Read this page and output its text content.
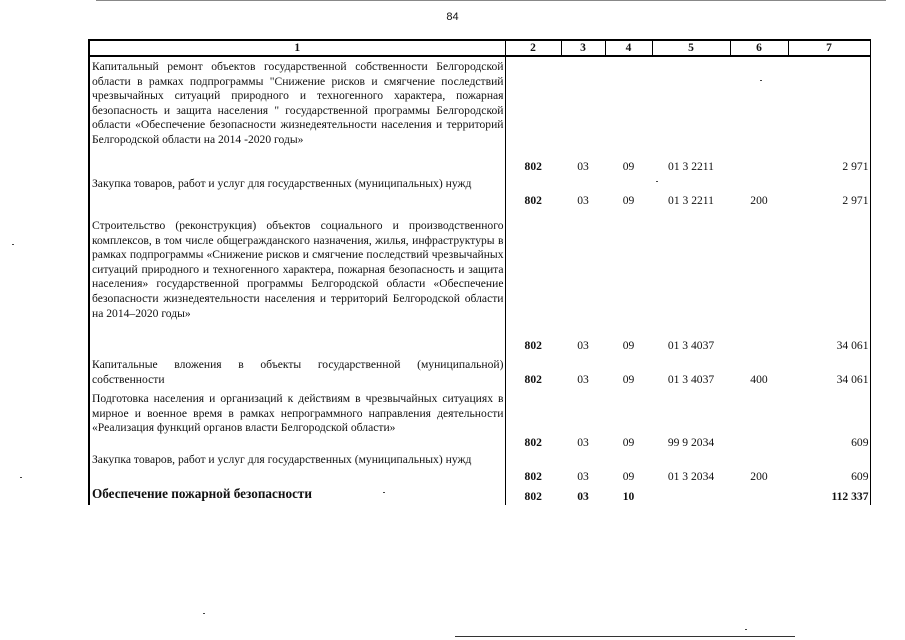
84
1	2	3	4	5	6	7
Капитальный ремонт объектов государственной собственности Белгородской области в рамках подпрограммы "Снижение рисков и смягчение последствий чрезвычайных ситуаций природного и техногенного характера, пожарная безопасность и защита населения " государственной программы Белгородской области «Обеспечение безопасности жизнедеятельности населения и территорий Белгородской области на 2014 -2020 годы»	802	03	09	01 3 2211		2 971
Закупка товаров, работ и услуг для государственных (муниципальных) нужд	802	03	09	01 3 2211	200	2 971
Строительство (реконструкция) объектов социального и производственного комплексов, в том числе общегражданского назначения, жилья, инфраструктуры в рамках подпрограммы «Снижение рисков и смягчение последствий чрезвычайных ситуаций природного и техногенного характера, пожарная безопасность и защита населения» государственной программы Белгородской области «Обеспечение безопасности жизнедеятельности населения и территорий Белгородской области на 2014–2020 годы»	802	03	09	01 3 4037		34 061
Капитальные вложения в объекты государственной (муниципальной) собственности	802	03	09	01 3 4037	400	34 061
Подготовка населения и организаций к действиям в чрезвычайных ситуациях в мирное и военное время в рамках непрограммного направления деятельности «Реализация функций органов власти Белгородской области»	802	03	09	99 9 2034		609
Закупка товаров, работ и услуг для государственных (муниципальных) нужд	802	03	09	01 3 2034	200	609
Обеспечение пожарной безопасности	802	03	10			112 337
